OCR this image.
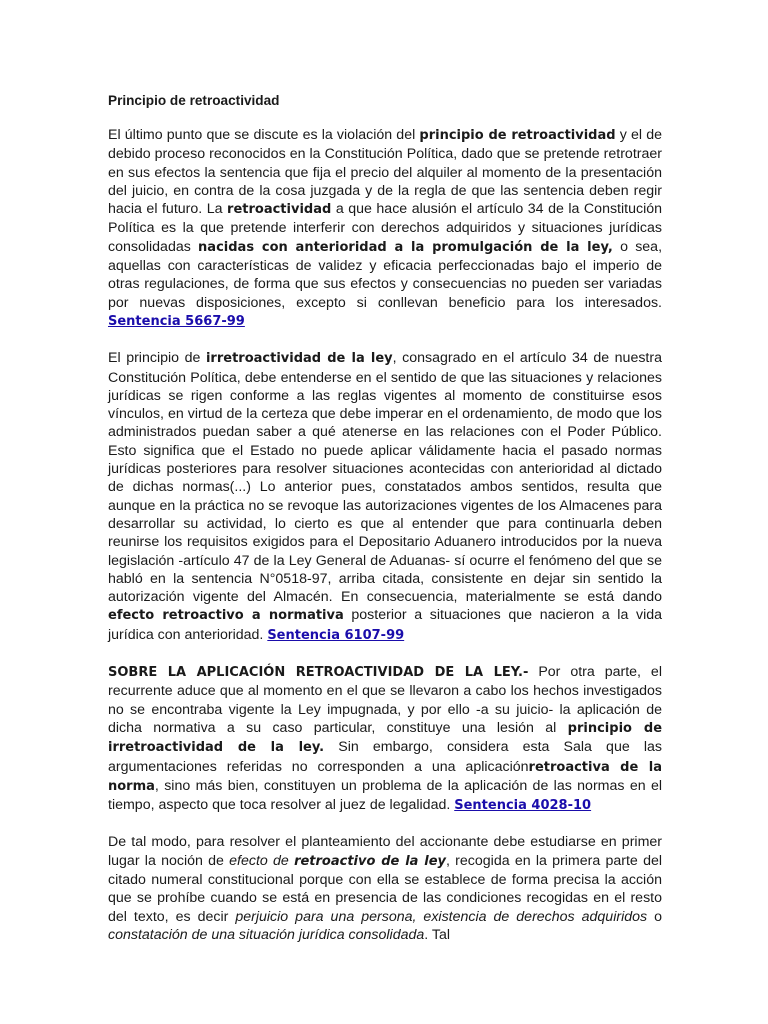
Principio de retroactividad

El último punto que se discute es la violación del principio de retroactividad y el de debido proceso reconocidos en la Constitución Política, dado que se pretende retrotraer en sus efectos la sentencia que fija el precio del alquiler al momento de la presentación del juicio, en contra de la cosa juzgada y de la regla de que las sentencia deben regir hacia el futuro. La retroactividad a que hace alusión el artículo 34 de la Constitución Política es la que pretende interferir con derechos adquiridos y situaciones jurídicas consolidadas nacidas con anterioridad a la promulgación de la ley, o sea, aquellas con características de validez y eficacia perfeccionadas bajo el imperio de otras regulaciones, de forma que sus efectos y consecuencias no pueden ser variadas por nuevas disposiciones, excepto si conllevan beneficio para los interesados. Sentencia 5667-99

El principio de irretroactividad de la ley, consagrado en el artículo 34 de nuestra Constitución Política, debe entenderse en el sentido de que las situaciones y relaciones jurídicas se rigen conforme a las reglas vigentes al momento de constituirse esos vínculos, en virtud de la certeza que debe imperar en el ordenamiento, de modo que los administrados puedan saber a qué atenerse en las relaciones con el Poder Público. Esto significa que el Estado no puede aplicar válidamente hacia el pasado normas jurídicas posteriores para resolver situaciones acontecidas con anterioridad al dictado de dichas normas(...) Lo anterior pues, constatados ambos sentidos, resulta que aunque en la práctica no se revoque las autorizaciones vigentes de los Almacenes para desarrollar su actividad, lo cierto es que al entender que para continuarla deben reunirse los requisitos exigidos para el Depositario Aduanero introducidos por la nueva legislación -artículo 47 de la Ley General de Aduanas- sí ocurre el fenómeno del que se habló en la sentencia N°0518-97, arriba citada, consistente en dejar sin sentido la autorización vigente del Almacén. En consecuencia, materialmente se está dando efecto retroactivo a normativa posterior a situaciones que nacieron a la vida jurídica con anterioridad. Sentencia 6107-99

SOBRE LA APLICACIÓN RETROACTIVIDAD DE LA LEY.- Por otra parte, el recurrente aduce que al momento en el que se llevaron a cabo los hechos investigados no se encontraba vigente la Ley impugnada, y por ello -a su juicio- la aplicación de dicha normativa a su caso particular, constituye una lesión al principio de irretroactividad de la ley. Sin embargo, considera esta Sala que las argumentaciones referidas no corresponden a una aplicaciónretroactiva de la norma, sino más bien, constituyen un problema de la aplicación de las normas en el tiempo, aspecto que toca resolver al juez de legalidad. Sentencia 4028-10

De tal modo, para resolver el planteamiento del accionante debe estudiarse en primer lugar la noción de efecto de retroactivo de la ley, recogida en la primera parte del citado numeral constitucional porque con ella se establece de forma precisa la acción que se prohíbe cuando se está en presencia de las condiciones recogidas en el resto del texto, es decir perjuicio para una persona, existencia de derechos adquiridos o constatación de una situación jurídica consolidada. Tal
